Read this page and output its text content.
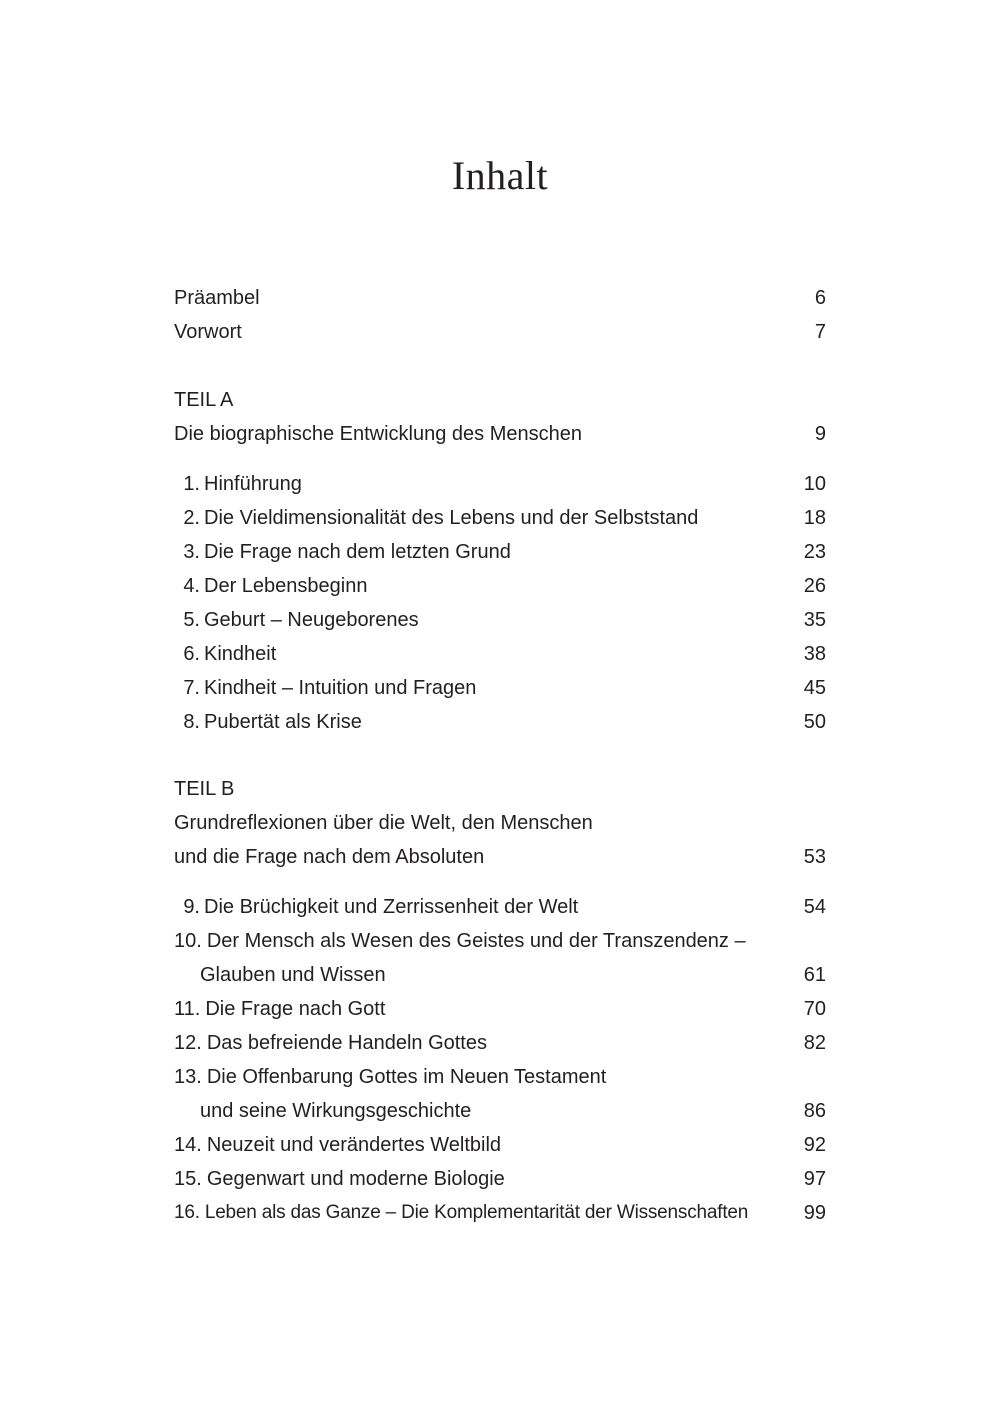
Inhalt
Präambel	6
Vorwort	7
TEIL A
Die biographische Entwicklung des Menschen	9
1. Hinführung	10
2. Die Vieldimensionalität des Lebens und der Selbststand	18
3. Die Frage nach dem letzten Grund	23
4. Der Lebensbeginn	26
5. Geburt – Neugeborenes	35
6. Kindheit	38
7. Kindheit – Intuition und Fragen	45
8. Pubertät als Krise	50
TEIL B
Grundreflexionen über die Welt, den Menschen
und die Frage nach dem Absoluten	53
9. Die Brüchigkeit und Zerrissenheit der Welt	54
10. Der Mensch als Wesen des Geistes und der Transzendenz –
Glauben und Wissen	61
11. Die Frage nach Gott	70
12. Das befreiende Handeln Gottes	82
13. Die Offenbarung Gottes im Neuen Testament
und seine Wirkungsgeschichte	86
14. Neuzeit und verändertes Weltbild	92
15. Gegenwart und moderne Biologie	97
16. Leben als das Ganze – Die Komplementarität der Wissenschaften	99
